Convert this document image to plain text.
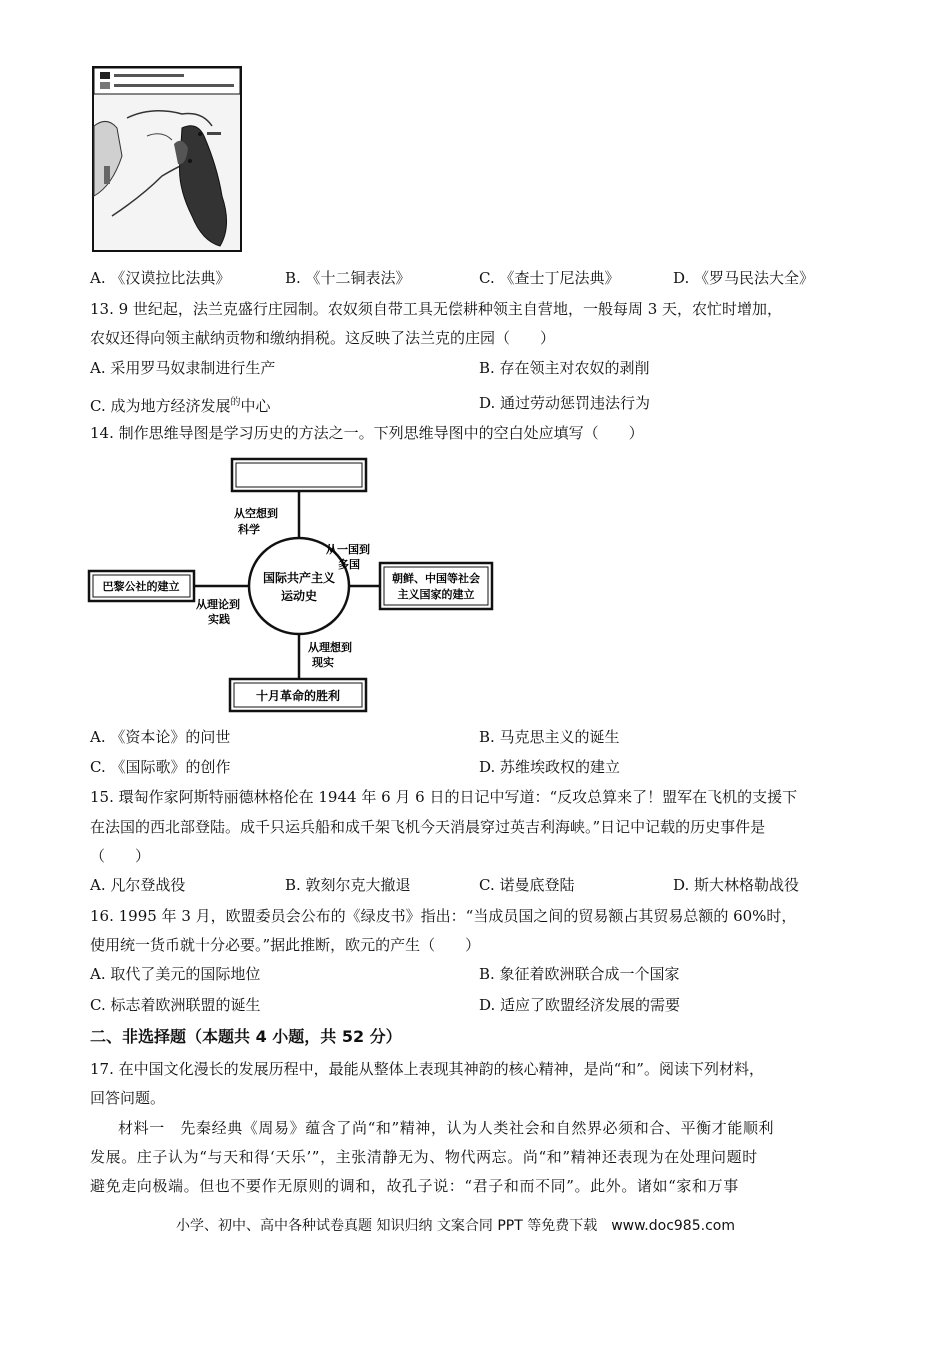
A. 《汉谟拉比法典》	B. 《十二铜表法》	C. 《查士丁尼法典》	D. 《罗马民法大全》
13. 9 世纪起，法兰克盛行庄园制。农奴须自带工具无偿耕种领主自营地，一般每周 3 天，农忙时增加，
农奴还得向领主献纳贡物和缴纳捐税。这反映了法兰克的庄园（　　）
A. 采用罗马奴隶制进行生产	B. 存在领主对农奴的剥削
C. 成为地方经济发展$^的$中心	D. 通过劳动惩罚违法行为
14. 制作思维导图是学习历史的方法之一。下列思维导图中的空白处应填写（　　）
国际共产主义
运动史
从空想到
科学
从一国到
多国
朝鲜、中国等社会
主义国家的建立
巴黎公社的建立
从理论到
实践
从理想到
现实
十月革命的胜利
A. 《资本论》的问世	B. 马克思主义的诞生
C. 《国际歌》的创作	D. 苏维埃政权的建立
15. 環匋作家阿斯特丽德林格伦在 1944 年 6 月 6 日的日记中写道：“反攻总算来了！盟军在飞机的支援下
在法国的西北部登陆。成千只运兵船和成千架飞机今天消晨穿过英吉利海峡。”日记中记载的历史事件是
（　　）
A. 凡尔登战役	B. 敦刻尔克大撤退	C. 诺曼底登陆	D. 斯大林格勒战役
16. 1995 年 3 月，欧盟委员会公布的《绿皮书》指出：“当成员国之间的贸易额占其贸易总额的 60%时，
使用统一货币就十分必要。”据此推断，欧元的产生（　　）
A. 取代了美元的国际地位	B. 象征着欧洲联合成一个国家
C. 标志着欧洲联盟的诞生	D. 适应了欧盟经济发展的需要
二、非选择题（本题共 4 小题，共 52 分）
17. 在中国文化漫长的发展历程中，最能从整体上表现其神韵的核心精神，是尚“和”。阅读下列材料，
回答问题。
材料一　先秦经典《周易》蕴含了尚“和”精神，认为人类社会和自然界必须和合、平衡才能顺利
发展。庄子认为“与天和得‘天乐’”，主张清静无为、物代两忘。尚“和”精神还表现为在处理问题时
避免走向极端。但也不要作无原则的调和，故孔子说：“君子和而不同”。此外。诸如“家和万事
小学、初中、高中各种试卷真题 知识归纳 文案合同 PPT 等免费下载　www.doc985.com
